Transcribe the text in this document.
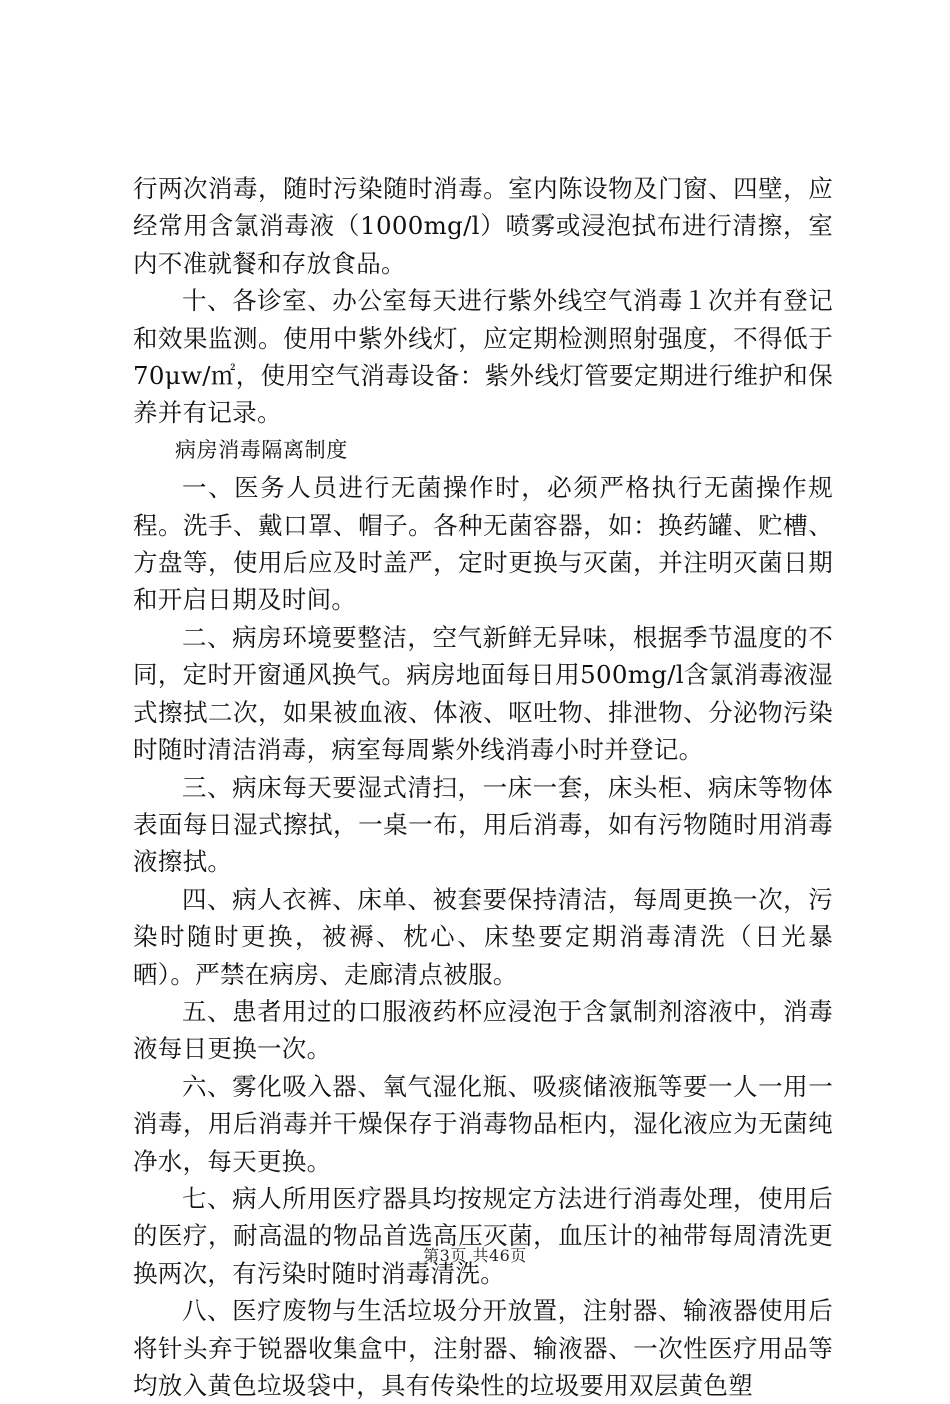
行两次消毒，随时污染随时消毒。室内陈设物及门窗、四壁，应经常用含氯消毒液（1000mg/l）喷雾或浸泡拭布进行清擦，室内不准就餐和存放食品。

十、各诊室、办公室每天进行紫外线空气消毒１次并有登记和效果监测。使用中紫外线灯，应定期检测照射强度，不得低于70μw/㎡，使用空气消毒设备：紫外线灯管要定期进行维护和保养并有记录。

病房消毒隔离制度

一、医务人员进行无菌操作时，必须严格执行无菌操作规程。洗手、戴口罩、帽子。各种无菌容器，如：换药罐、贮槽、方盘等，使用后应及时盖严，定时更换与灭菌，并注明灭菌日期和开启日期及时间。

二、病房环境要整洁，空气新鲜无异味，根据季节温度的不同，定时开窗通风换气。病房地面每日用500mg/l含氯消毒液湿式擦拭二次，如果被血液、体液、呕吐物、排泄物、分泌物污染时随时清洁消毒，病室每周紫外线消毒小时并登记。

三、病床每天要湿式清扫，一床一套，床头柜、病床等物体表面每日湿式擦拭，一桌一布，用后消毒，如有污物随时用消毒液擦拭。

四、病人衣裤、床单、被套要保持清洁，每周更换一次，污染时随时更换，被褥、枕心、床垫要定期消毒清洗（日光暴晒）。严禁在病房、走廊清点被服。

五、患者用过的口服液药杯应浸泡于含氯制剂溶液中，消毒液每日更换一次。

六、雾化吸入器、氧气湿化瓶、吸痰储液瓶等要一人一用一消毒，用后消毒并干燥保存于消毒物品柜内，湿化液应为无菌纯净水，每天更换。

七、病人所用医疗器具均按规定方法进行消毒处理，使用后的医疗，耐高温的物品首选高压灭菌，血压计的袖带每周清洗更换两次，有污染时随时消毒清洗。

八、医疗废物与生活垃圾分开放置，注射器、输液器使用后将针头弃于锐器收集盒中，注射器、输液器、一次性医疗用品等均放入黄色垃圾袋中，具有传染性的垃圾要用双层黄色塑

第3页 共46页
